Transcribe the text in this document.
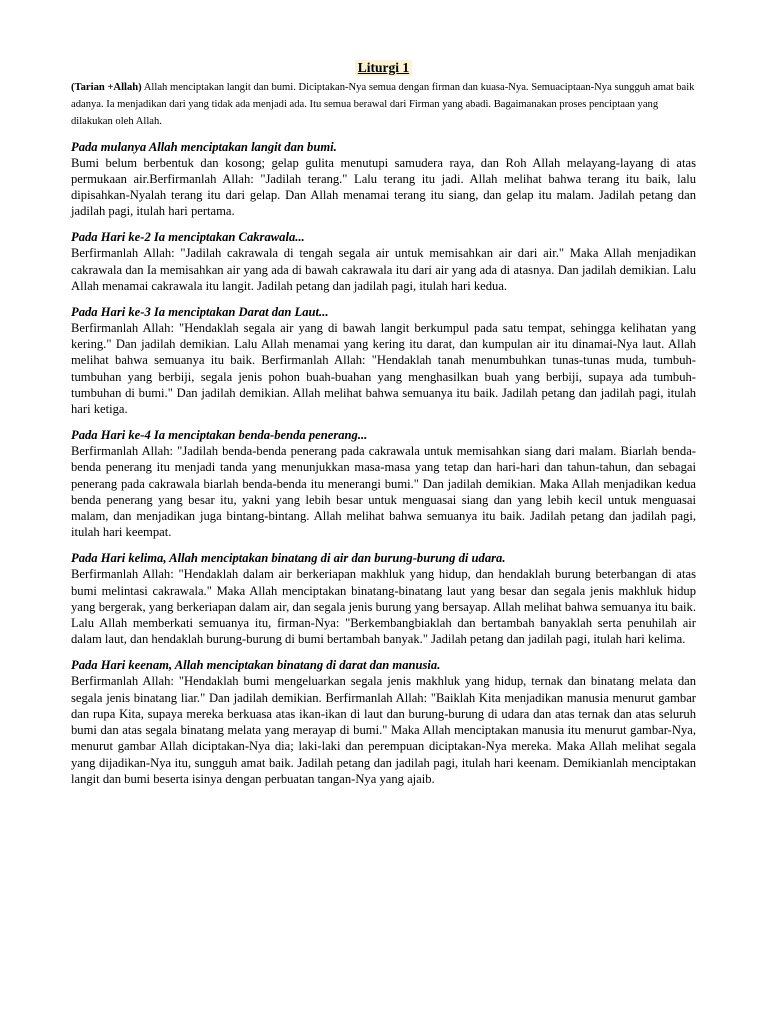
Liturgi 1

(Tarian +Allah) Allah menciptakan langit dan bumi. Diciptakan-Nya semua dengan firman dan kuasa-Nya. Semuaciptaan-Nya sungguh amat baik adanya. Ia menjadikan dari yang tidak ada menjadi ada. Itu semua berawal dari Firman yang abadi. Bagaimanakan proses penciptaan yang dilakukan oleh Allah.

Pada mulanya Allah menciptakan langit dan bumi.

Bumi belum berbentuk dan kosong; gelap gulita menutupi samudera raya, dan Roh Allah melayang-layang di atas permukaan air.Berfirmanlah Allah: "Jadilah terang." Lalu terang itu jadi. Allah melihat bahwa terang itu baik, lalu dipisahkan-Nyalah terang itu dari gelap. Dan Allah menamai terang itu siang, dan gelap itu malam. Jadilah petang dan jadilah pagi, itulah hari pertama.

Pada Hari ke-2 Ia menciptakan Cakrawala...

Berfirmanlah Allah: "Jadilah cakrawala di tengah segala air untuk memisahkan air dari air." Maka Allah menjadikan cakrawala dan Ia memisahkan air yang ada di bawah cakrawala itu dari air yang ada di atasnya. Dan jadilah demikian. Lalu Allah menamai cakrawala itu langit. Jadilah petang dan jadilah pagi, itulah hari kedua.

Pada Hari ke-3 Ia menciptakan Darat dan Laut...

Berfirmanlah Allah: "Hendaklah segala air yang di bawah langit berkumpul pada satu tempat, sehingga kelihatan yang kering." Dan jadilah demikian. Lalu Allah menamai yang kering itu darat, dan kumpulan air itu dinamai-Nya laut. Allah melihat bahwa semuanya itu baik. Berfirmanlah Allah: "Hendaklah tanah menumbuhkan tunas-tunas muda, tumbuh-tumbuhan yang berbiji, segala jenis pohon buah-buahan yang menghasilkan buah yang berbiji, supaya ada tumbuh-tumbuhan di bumi." Dan jadilah demikian. Allah melihat bahwa semuanya itu baik. Jadilah petang dan jadilah pagi, itulah hari ketiga.

Pada Hari ke-4 Ia menciptakan benda-benda penerang...

Berfirmanlah Allah: "Jadilah benda-benda penerang pada cakrawala untuk memisahkan siang dari malam. Biarlah benda-benda penerang itu menjadi tanda yang menunjukkan masa-masa yang tetap dan hari-hari dan tahun-tahun, dan sebagai penerang pada cakrawala biarlah benda-benda itu menerangi bumi." Dan jadilah demikian. Maka Allah menjadikan kedua benda penerang yang besar itu, yakni yang lebih besar untuk menguasai siang dan yang lebih kecil untuk menguasai malam, dan menjadikan juga bintang-bintang. Allah melihat bahwa semuanya itu baik. Jadilah petang dan jadilah pagi, itulah hari keempat.

Pada Hari kelima, Allah menciptakan binatang di air dan burung-burung di udara.

Berfirmanlah Allah: "Hendaklah dalam air berkeriapan makhluk yang hidup, dan hendaklah burung beterbangan di atas bumi melintasi cakrawala." Maka Allah menciptakan binatang-binatang laut yang besar dan segala jenis makhluk hidup yang bergerak, yang berkeriapan dalam air, dan segala jenis burung yang bersayap. Allah melihat bahwa semuanya itu baik. Lalu Allah memberkati semuanya itu, firman-Nya: "Berkembangbiaklah dan bertambah banyaklah serta penuhilah air dalam laut, dan hendaklah burung-burung di bumi bertambah banyak." Jadilah petang dan jadilah pagi, itulah hari kelima.

Pada Hari keenam, Allah menciptakan binatang di darat dan manusia.

Berfirmanlah Allah: "Hendaklah bumi mengeluarkan segala jenis makhluk yang hidup, ternak dan binatang melata dan segala jenis binatang liar." Dan jadilah demikian. Berfirmanlah Allah: "Baiklah Kita menjadikan manusia menurut gambar dan rupa Kita, supaya mereka berkuasa atas ikan-ikan di laut dan burung-burung di udara dan atas ternak dan atas seluruh bumi dan atas segala binatang melata yang merayap di bumi." Maka Allah menciptakan manusia itu menurut gambar-Nya, menurut gambar Allah diciptakan-Nya dia; laki-laki dan perempuan diciptakan-Nya mereka. Maka Allah melihat segala yang dijadikan-Nya itu, sungguh amat baik. Jadilah petang dan jadilah pagi, itulah hari keenam. Demikianlah menciptakan langit dan bumi beserta isinya dengan perbuatan tangan-Nya yang ajaib.
